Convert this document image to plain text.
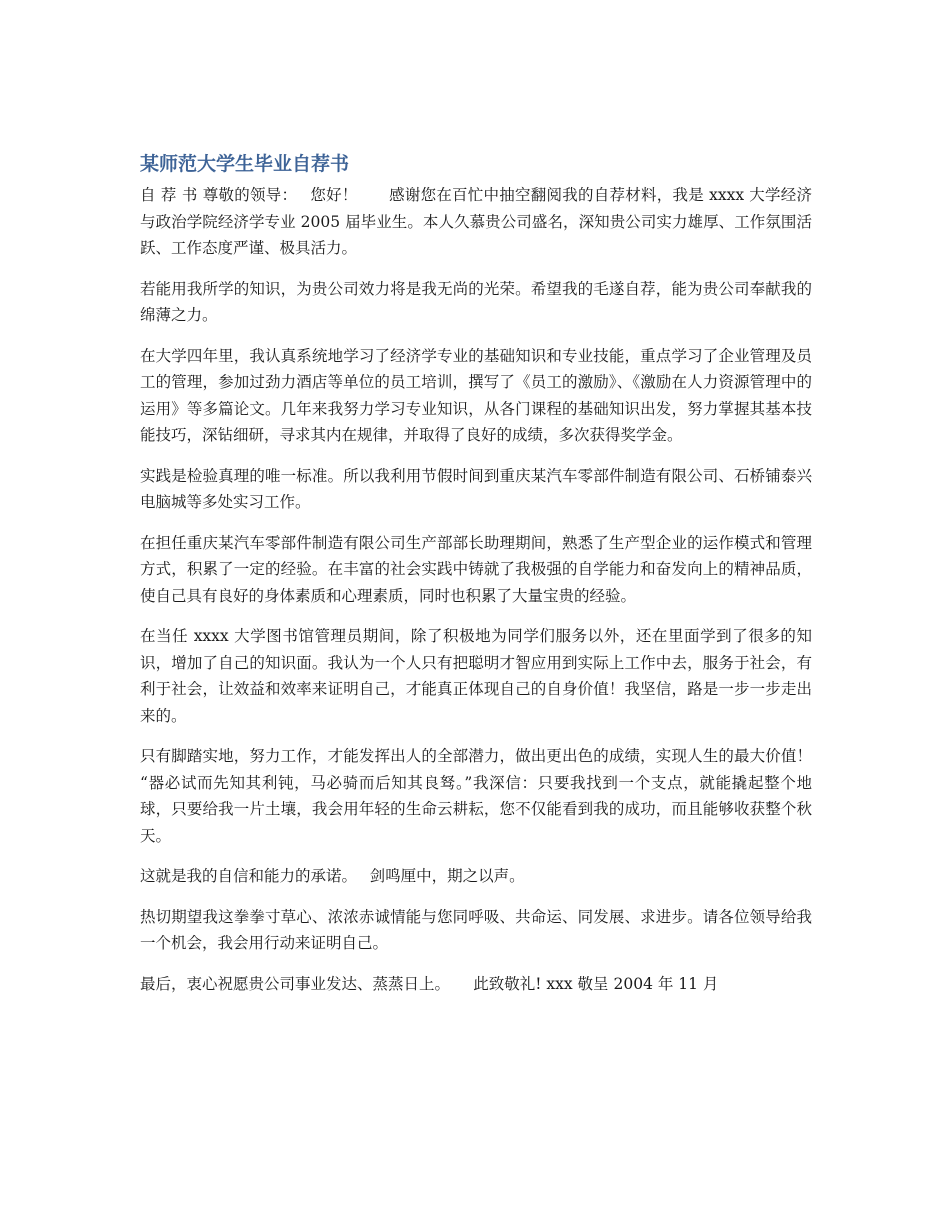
某师范大学生毕业自荐书

自 荐 书 尊敬的领导：　 您好！　　感谢您在百忙中抽空翻阅我的自荐材料，我是 xxxx 大学经济与政治学院经济学专业 2005 届毕业生。本人久慕贵公司盛名，深知贵公司实力雄厚、工作氛围活跃、工作态度严谨、极具活力。

若能用我所学的知识，为贵公司效力将是我无尚的光荣。希望我的毛遂自荐，能为贵公司奉献我的绵薄之力。

在大学四年里，我认真系统地学习了经济学专业的基础知识和专业技能，重点学习了企业管理及员工的管理，参加过劲力酒店等单位的员工培训，撰写了《员工的激励》、《激励在人力资源管理中的运用》等多篇论文。几年来我努力学习专业知识，从各门课程的基础知识出发，努力掌握其基本技能技巧，深钻细研，寻求其内在规律，并取得了良好的成绩，多次获得奖学金。

实践是检验真理的唯一标准。所以我利用节假时间到重庆某汽车零部件制造有限公司、石桥铺泰兴电脑城等多处实习工作。

在担任重庆某汽车零部件制造有限公司生产部部长助理期间，熟悉了生产型企业的运作模式和管理方式，积累了一定的经验。在丰富的社会实践中铸就了我极强的自学能力和奋发向上的精神品质，使自己具有良好的身体素质和心理素质，同时也积累了大量宝贵的经验。

在当任 xxxx 大学图书馆管理员期间，除了积极地为同学们服务以外，还在里面学到了很多的知识，增加了自己的知识面。我认为一个人只有把聪明才智应用到实际上工作中去，服务于社会，有利于社会，让效益和效率来证明自己，才能真正体现自己的自身价值！我坚信，路是一步一步走出来的。

只有脚踏实地，努力工作，才能发挥出人的全部潜力，做出更出色的成绩，实现人生的最大价值！　 “器必试而先知其利钝，马必骑而后知其良驽。”我深信：只要我找到一个支点，就能撬起整个地球，只要给我一片土壤，我会用年轻的生命云耕耘，您不仅能看到我的成功，而且能够收获整个秋天。

这就是我的自信和能力的承诺。　 剑鸣厘中，期之以声。

热切期望我这拳拳寸草心、浓浓赤诚情能与您同呼吸、共命运、同发展、求进步。请各位领导给我一个机会，我会用行动来证明自己。

最后，衷心祝愿贵公司事业发达、蒸蒸日上。　　此致敬礼! xxx 敬呈 2004 年 11 月
